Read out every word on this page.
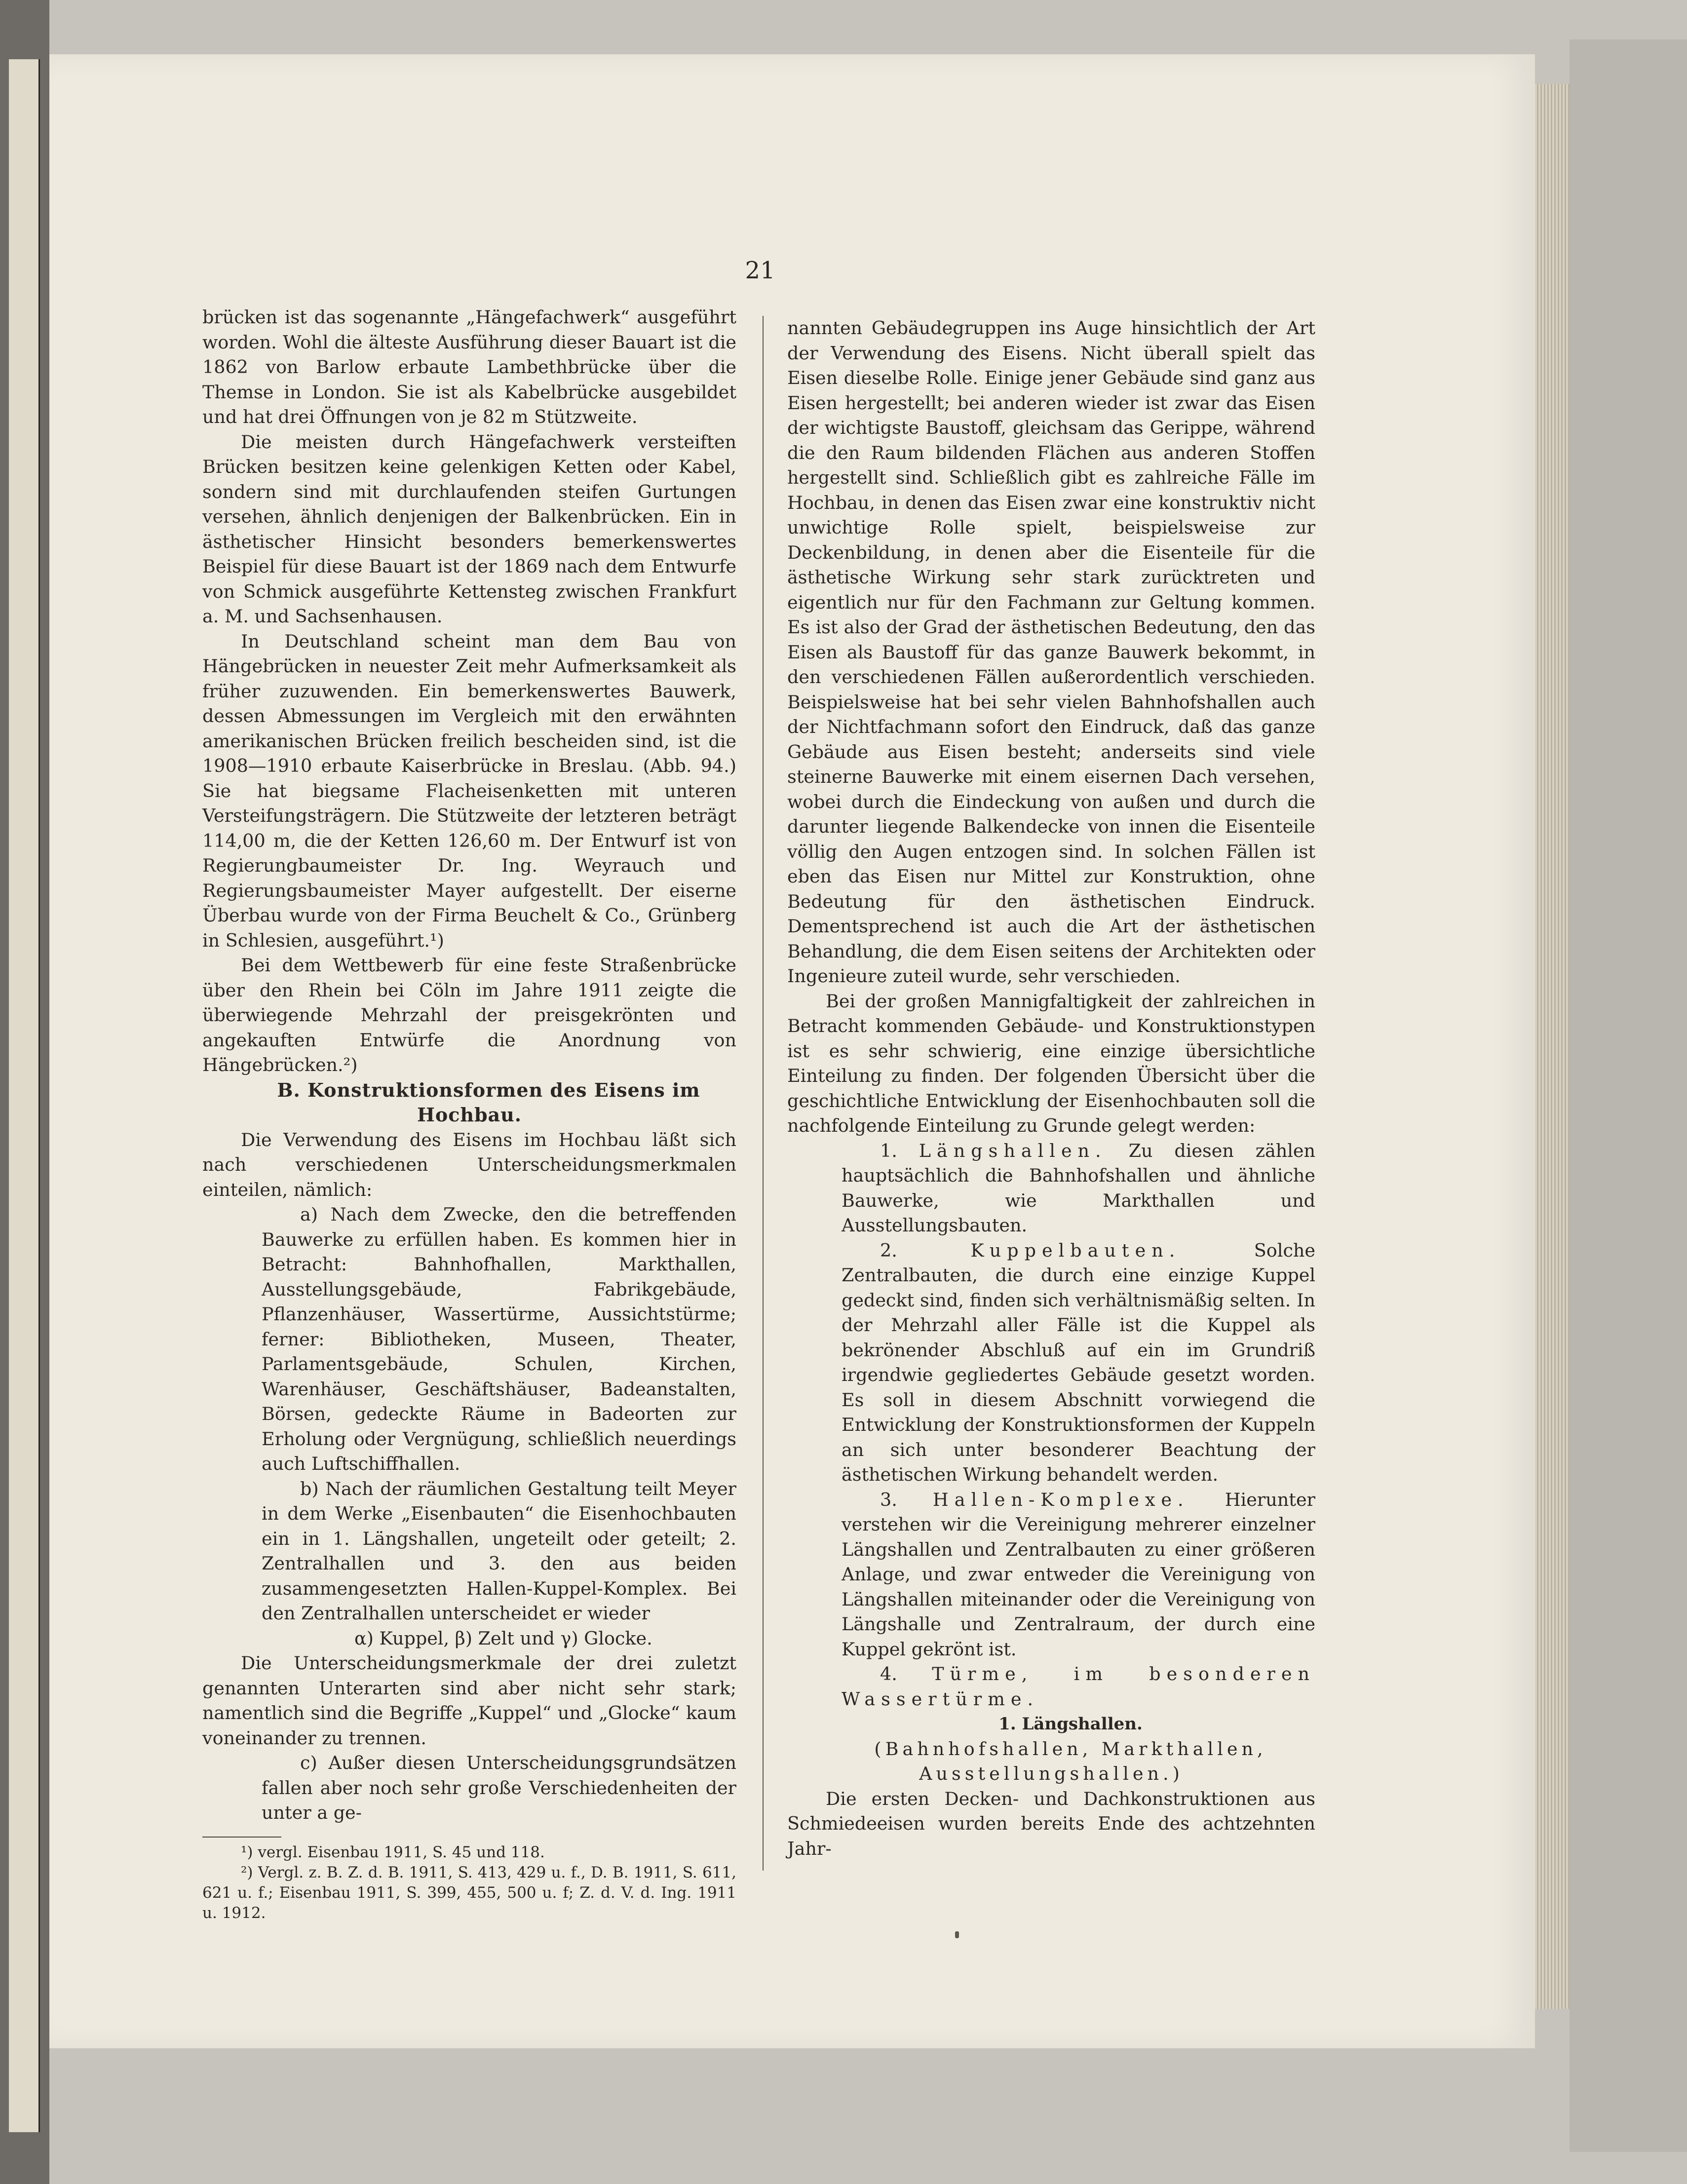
21

brücken ist das sogenannte „Hängefachwerk“ ausgeführt worden. Wohl die älteste Ausführung dieser Bauart ist die 1862 von Barlow erbaute Lambethbrücke über die Themse in London. Sie ist als Kabelbrücke ausgebildet und hat drei Öffnungen von je 82 m Stützweite.

Die meisten durch Hängefachwerk versteiften Brücken besitzen keine gelenkigen Ketten oder Kabel, sondern sind mit durchlaufenden steifen Gurtungen versehen, ähnlich denjenigen der Balkenbrücken. Ein in ästhetischer Hinsicht besonders bemerkenswertes Beispiel für diese Bauart ist der 1869 nach dem Entwurfe von Schmick ausgeführte Kettensteg zwischen Frankfurt a. M. und Sachsenhausen.

In Deutschland scheint man dem Bau von Hängebrücken in neuester Zeit mehr Aufmerksamkeit als früher zuzuwenden. Ein bemerkenswertes Bauwerk, dessen Abmessungen im Vergleich mit den erwähnten amerikanischen Brücken freilich bescheiden sind, ist die 1908—1910 erbaute Kaiserbrücke in Breslau. (Abb. 94.) Sie hat biegsame Flacheisenketten mit unteren Versteifungsträgern. Die Stützweite der letzteren beträgt 114,00 m, die der Ketten 126,60 m. Der Entwurf ist von Regierungbaumeister Dr. Ing. Weyrauch und Regierungsbaumeister Mayer aufgestellt. Der eiserne Überbau wurde von der Firma Beuchelt & Co., Grünberg in Schlesien, ausgeführt.¹)

Bei dem Wettbewerb für eine feste Straßenbrücke über den Rhein bei Cöln im Jahre 1911 zeigte die überwiegende Mehrzahl der preisgekrönten und angekauften Entwürfe die Anordnung von Hängebrücken.²)

B. Konstruktionsformen des Eisens im Hochbau.

Die Verwendung des Eisens im Hochbau läßt sich nach verschiedenen Unterscheidungsmerkmalen einteilen, nämlich:

a) Nach dem Zwecke, den die betreffenden Bauwerke zu erfüllen haben. Es kommen hier in Betracht: Bahnhofhallen, Markthallen, Ausstellungsgebäude, Fabrikgebäude, Pflanzenhäuser, Wassertürme, Aussichtstürme; ferner: Bibliotheken, Museen, Theater, Parlamentsgebäude, Schulen, Kirchen, Warenhäuser, Geschäftshäuser, Badeanstalten, Börsen, gedeckte Räume in Badeorten zur Erholung oder Vergnügung, schließlich neuerdings auch Luftschiffhallen.

b) Nach der räumlichen Gestaltung teilt Meyer in dem Werke „Eisenbauten“ die Eisenhochbauten ein in 1. Längshallen, ungeteilt oder geteilt; 2. Zentralhallen und 3. den aus beiden zusammengesetzten Hallen-Kuppel-Komplex. Bei den Zentralhallen unterscheidet er wieder

α) Kuppel, β) Zelt und γ) Glocke.

Die Unterscheidungsmerkmale der drei zuletzt genannten Unterarten sind aber nicht sehr stark; namentlich sind die Begriffe „Kuppel“ und „Glocke“ kaum voneinander zu trennen.

c) Außer diesen Unterscheidungsgrundsätzen fallen aber noch sehr große Verschiedenheiten der unter a ge-

¹) vergl. Eisenbau 1911, S. 45 und 118.

²) Vergl. z. B. Z. d. B. 1911, S. 413, 429 u. f., D. B. 1911, S. 611, 621 u. f.; Eisenbau 1911, S. 399, 455, 500 u. f; Z. d. V. d. Ing. 1911 u. 1912.

nannten Gebäudegruppen ins Auge hinsichtlich der Art der Verwendung des Eisens. Nicht überall spielt das Eisen dieselbe Rolle. Einige jener Gebäude sind ganz aus Eisen hergestellt; bei anderen wieder ist zwar das Eisen der wichtigste Baustoff, gleichsam das Gerippe, während die den Raum bildenden Flächen aus anderen Stoffen hergestellt sind. Schließlich gibt es zahlreiche Fälle im Hochbau, in denen das Eisen zwar eine konstruktiv nicht unwichtige Rolle spielt, beispielsweise zur Deckenbildung, in denen aber die Eisenteile für die ästhetische Wirkung sehr stark zurücktreten und eigentlich nur für den Fachmann zur Geltung kommen. Es ist also der Grad der ästhetischen Bedeutung, den das Eisen als Baustoff für das ganze Bauwerk bekommt, in den verschiedenen Fällen außerordentlich verschieden. Beispielsweise hat bei sehr vielen Bahnhofshallen auch der Nichtfachmann sofort den Eindruck, daß das ganze Gebäude aus Eisen besteht; anderseits sind viele steinerne Bauwerke mit einem eisernen Dach versehen, wobei durch die Eindeckung von außen und durch die darunter liegende Balkendecke von innen die Eisenteile völlig den Augen entzogen sind. In solchen Fällen ist eben das Eisen nur Mittel zur Konstruktion, ohne Bedeutung für den ästhetischen Eindruck. Dementsprechend ist auch die Art der ästhetischen Behandlung, die dem Eisen seitens der Architekten oder Ingenieure zuteil wurde, sehr verschieden.

Bei der großen Mannigfaltigkeit der zahlreichen in Betracht kommenden Gebäude- und Konstruktionstypen ist es sehr schwierig, eine einzige übersichtliche Einteilung zu finden. Der folgenden Übersicht über die geschichtliche Entwicklung der Eisenhochbauten soll die nachfolgende Einteilung zu Grunde gelegt werden:

1. Längshallen. Zu diesen zählen hauptsächlich die Bahnhofshallen und ähnliche Bauwerke, wie Markthallen und Ausstellungsbauten.

2.	Kuppelbauten.	Solche Zentralbauten, die durch eine einzige Kuppel gedeckt sind, finden sich verhältnismäßig selten. In der Mehrzahl aller Fälle ist die Kuppel als bekrönender Abschluß auf ein im Grundriß irgendwie gegliedertes Gebäude gesetzt worden. Es soll in diesem Abschnitt vorwiegend die Entwicklung der Konstruktionsformen der Kuppeln an sich unter besonderer Beachtung der ästhetischen Wirkung behandelt werden.

3. Hallen-Komplexe. Hierunter verstehen wir die Vereinigung mehrerer einzelner Längshallen und Zentralbauten zu einer größeren Anlage, und zwar entweder die Vereinigung von Längshallen miteinander oder die Vereinigung von Längshalle und Zentralraum, der durch eine Kuppel gekrönt ist.

4. Türme, im besonderen Wassertürme.

1. Längshallen.

(Bahnhofshallen, Markthallen, Ausstellungshallen.)

Die ersten Decken- und Dachkonstruktionen aus Schmiedeeisen wurden bereits Ende des achtzehnten Jahr-
